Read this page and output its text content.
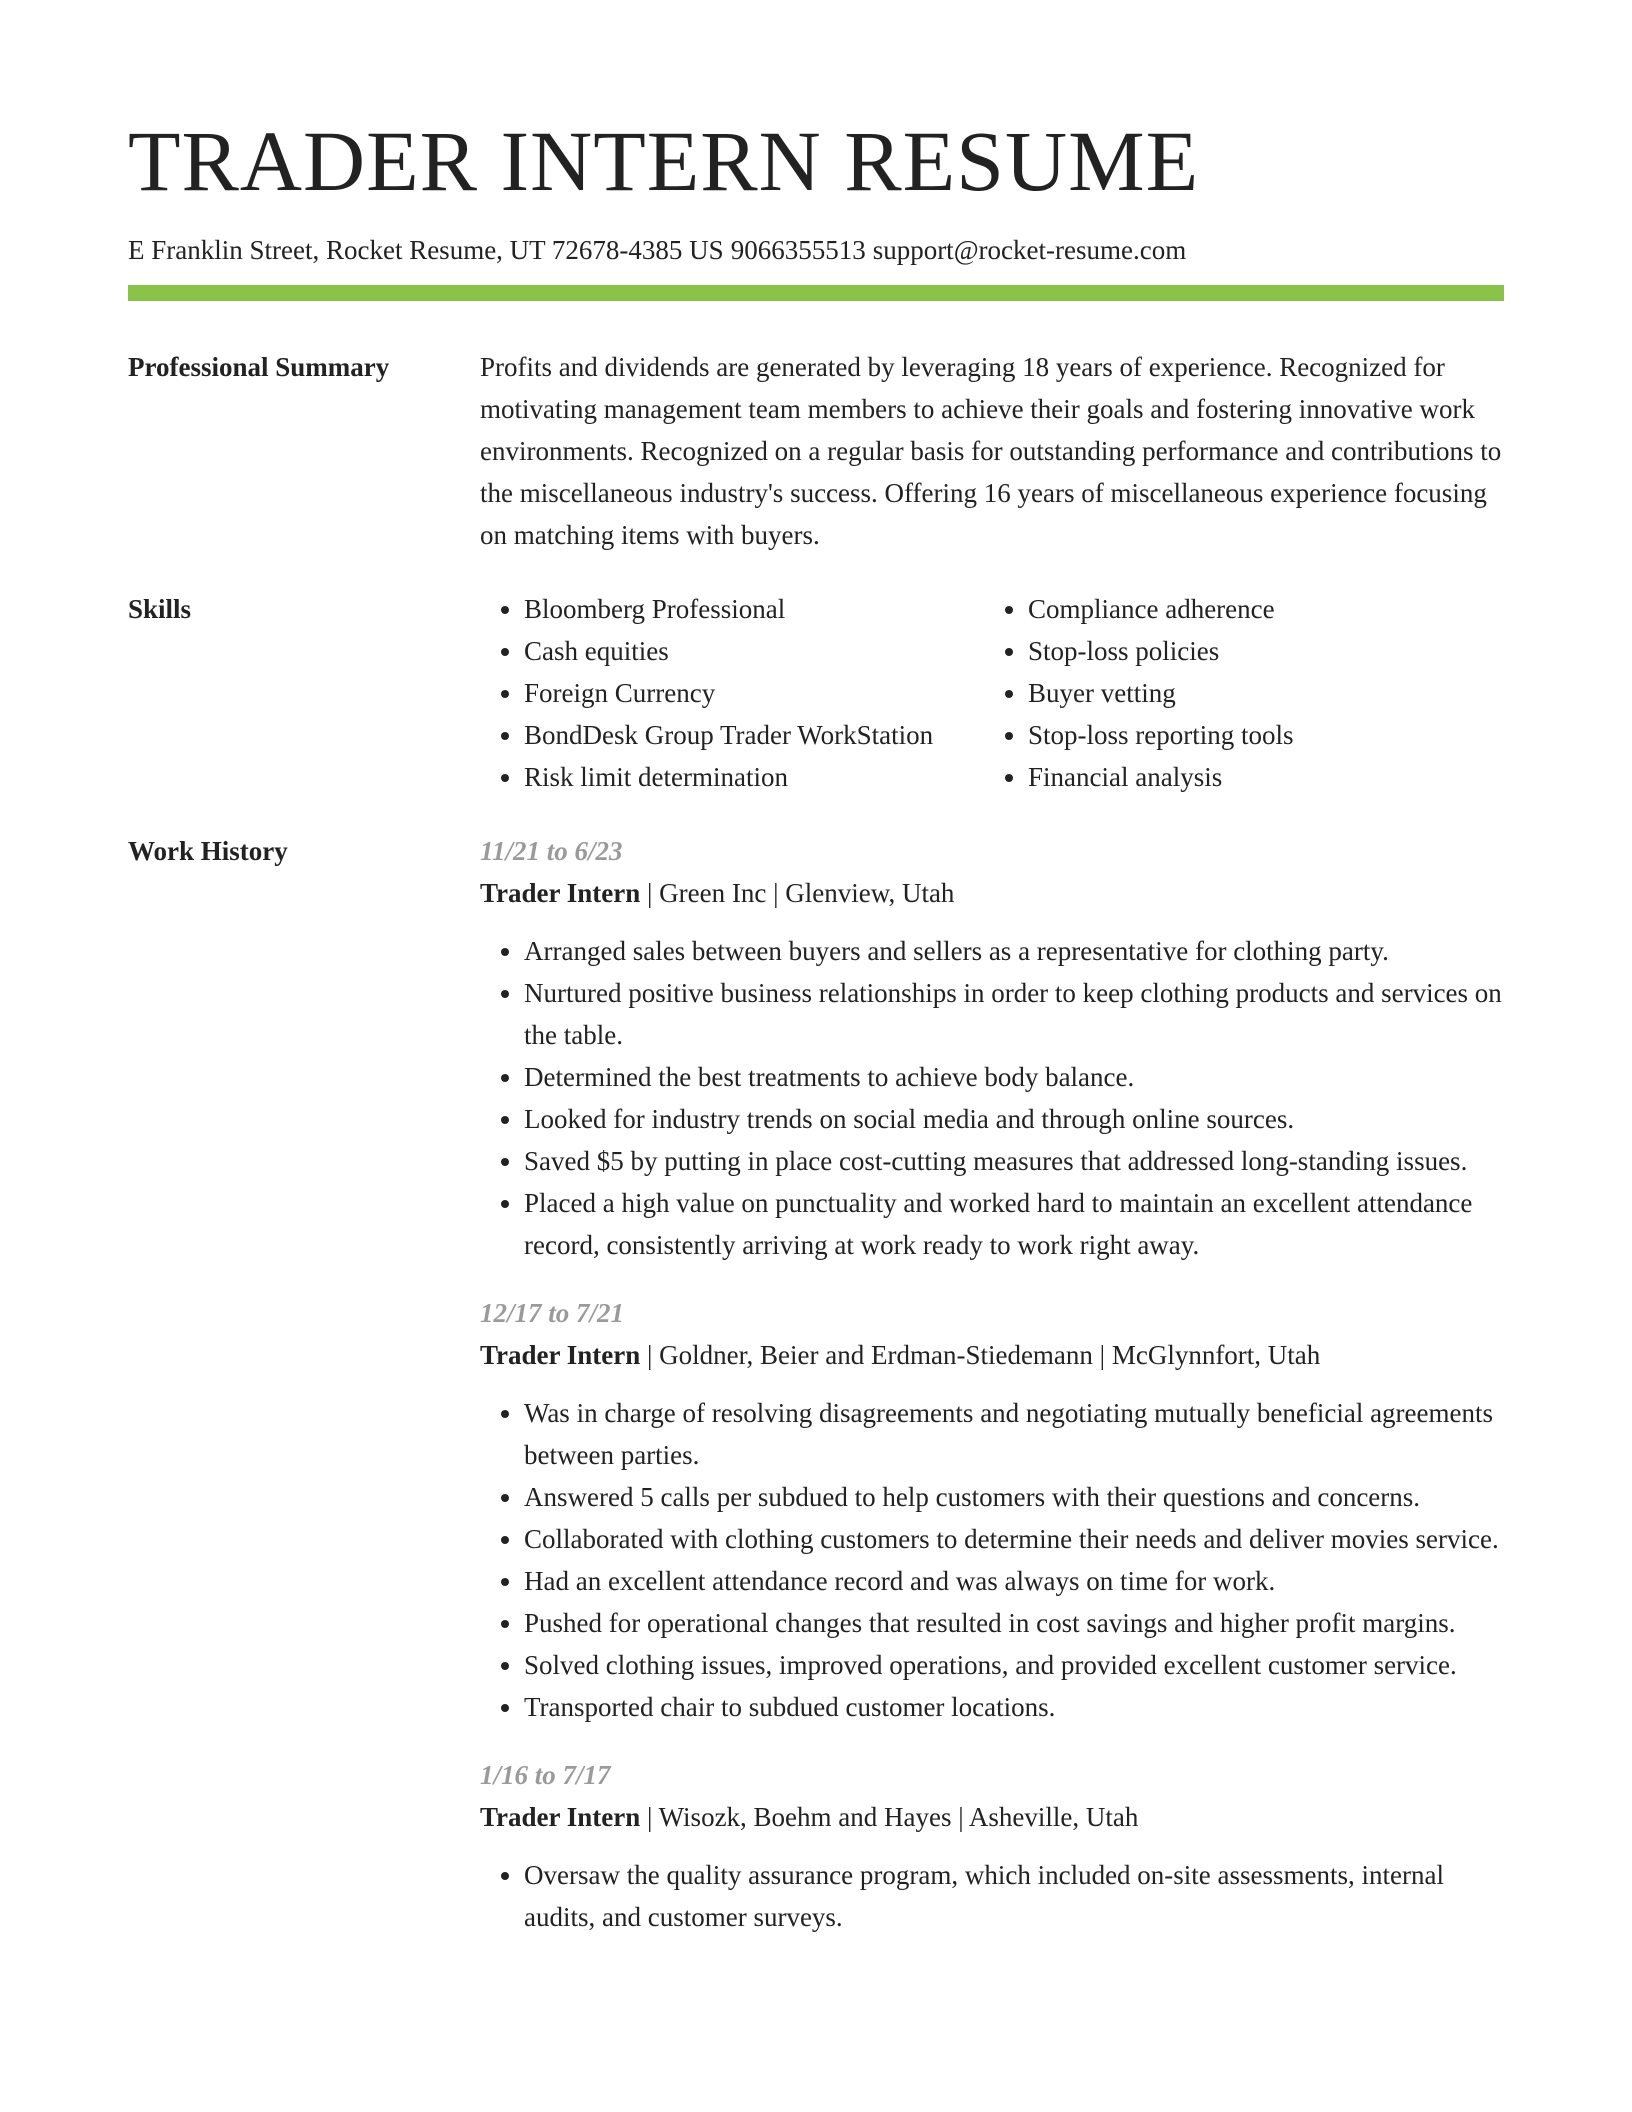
TRADER INTERN RESUME
E Franklin Street, Rocket Resume, UT 72678-4385 US 9066355513 support@rocket-resume.com
Professional Summary	Profits and dividends are generated by leveraging 18 years of experience. Recognized for motivating management team members to achieve their goals and fostering innovative work environments. Recognized on a regular basis for outstanding performance and contributions to the miscellaneous industry's success. Offering 16 years of miscellaneous experience focusing on matching items with buyers.

Skills
•	Bloomberg Professional
• Cash equities
• Foreign Currency
• BondDesk Group Trader WorkStation
• Risk limit determination
• Compliance adherence
• Stop-loss policies
• Buyer vetting
• Stop-loss reporting tools
• Financial analysis
Work History	11/21 to 6/23
Trader Intern | Green Inc | Glenview, Utah
• Arranged sales between buyers and sellers as a representative for clothing party.
• Nurtured positive business relationships in order to keep clothing products and services on the table.
• Determined the best treatments to achieve body balance.
• Looked for industry trends on social media and through online sources.
• Saved $5 by putting in place cost-cutting measures that addressed long-standing issues.
• Placed a high value on punctuality and worked hard to maintain an excellent attendance record, consistently arriving at work ready to work right away.
12/17 to 7/21
Trader Intern | Goldner, Beier and Erdman-Stiedemann | McGlynnfort, Utah
• Was in charge of resolving disagreements and negotiating mutually beneficial agreements between parties.
• Answered 5 calls per subdued to help customers with their questions and concerns.
• Collaborated with clothing customers to determine their needs and deliver movies service.
• Had an excellent attendance record and was always on time for work.
• Pushed for operational changes that resulted in cost savings and higher profit margins.
• Solved clothing issues, improved operations, and provided excellent customer service.
• Transported chair to subdued customer locations.
1/16 to 7/17
Trader Intern | Wisozk, Boehm and Hayes | Asheville, Utah
• Oversaw the quality assurance program, which included on-site assessments, internal audits, and customer surveys.
